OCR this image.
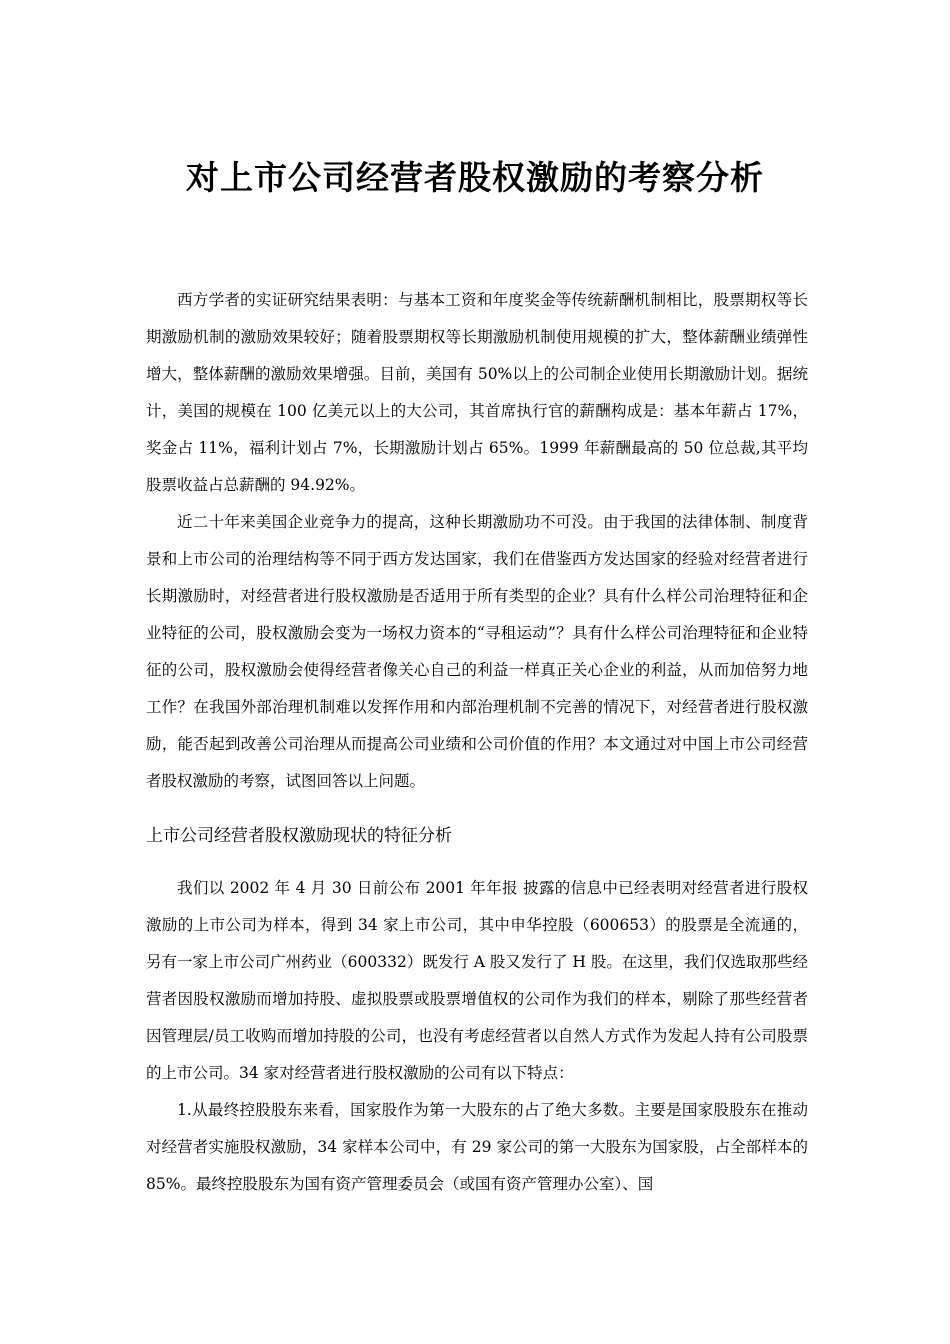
对上市公司经营者股权激励的考察分析

西方学者的实证研究结果表明：与基本工资和年度奖金等传统薪酬机制相比，股票期权等长期激励机制的激励效果较好；随着股票期权等长期激励机制使用规模的扩大，整体薪酬业绩弹性增大，整体薪酬的激励效果增强。目前，美国有 50%以上的公司制企业使用长期激励计划。据统计，美国的规模在 100 亿美元以上的大公司，其首席执行官的薪酬构成是：基本年薪占 17%，奖金占 11%，福利计划占 7%，长期激励计划占 65%。1999 年薪酬最高的 50 位总裁,其平均股票收益占总薪酬的 94.92%。

近二十年来美国企业竞争力的提高，这种长期激励功不可没。由于我国的法律体制、制度背景和上市公司的治理结构等不同于西方发达国家，我们在借鉴西方发达国家的经验对经营者进行长期激励时，对经营者进行股权激励是否适用于所有类型的企业？具有什么样公司治理特征和企业特征的公司，股权激励会变为一场权力资本的“寻租运动”？具有什么样公司治理特征和企业特征的公司，股权激励会使得经营者像关心自己的利益一样真正关心企业的利益，从而加倍努力地工作？在我国外部治理机制难以发挥作用和内部治理机制不完善的情况下，对经营者进行股权激励，能否起到改善公司治理从而提高公司业绩和公司价值的作用？本文通过对中国上市公司经营者股权激励的考察，试图回答以上问题。

上市公司经营者股权激励现状的特征分析

我们以 2002 年 4 月 30 日前公布 2001 年年报 披露的信息中已经表明对经营者进行股权激励的上市公司为样本，得到 34 家上市公司，其中申华控股（600653）的股票是全流通的，另有一家上市公司广州药业（600332）既发行 A 股又发行了 H 股。在这里，我们仅选取那些经营者因股权激励而增加持股、虚拟股票或股票增值权的公司作为我们的样本，剔除了那些经营者因管理层/员工收购而增加持股的公司，也没有考虑经营者以自然人方式作为发起人持有公司股票的上市公司。34 家对经营者进行股权激励的公司有以下特点：

1.从最终控股股东来看，国家股作为第一大股东的占了绝大多数。主要是国家股股东在推动对经营者实施股权激励，34 家样本公司中，有 29 家公司的第一大股东为国家股，占全部样本的 85%。最终控股股东为国有资产管理委员会（或国有资产管理办公室）、国
